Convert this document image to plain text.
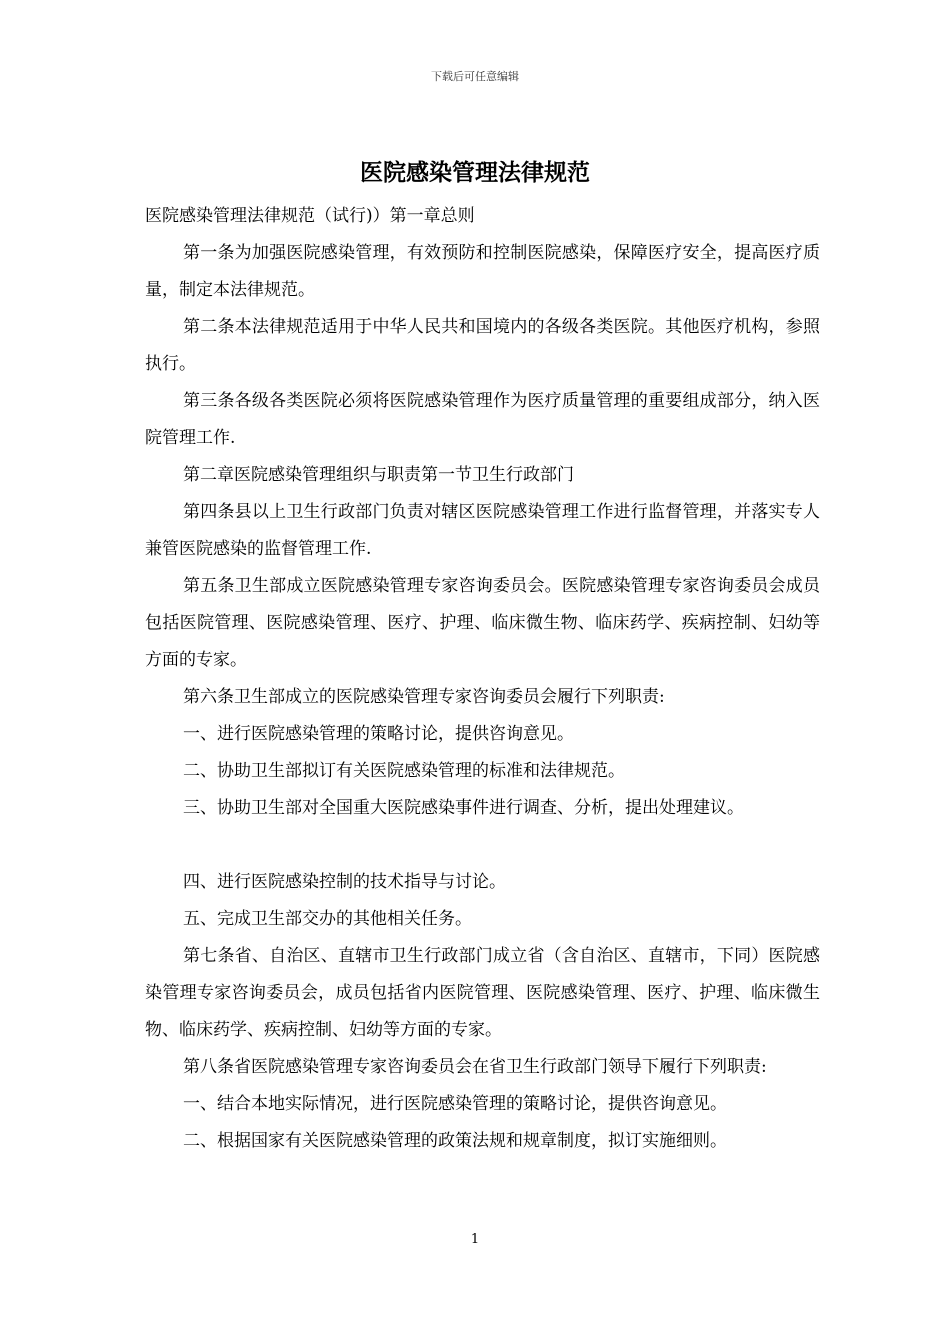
下载后可任意编辑
医院感染管理法律规范

医院感染管理法律规范（试行)）第一章总则

第一条为加强医院感染管理，有效预防和控制医院感染，保障医疗安全，提高医疗质量，制定本法律规范。

第二条本法律规范适用于中华人民共和国境内的各级各类医院。其他医疗机构，参照执行。

第三条各级各类医院必须将医院感染管理作为医疗质量管理的重要组成部分，纳入医院管理工作.

第二章医院感染管理组织与职责第一节卫生行政部门

第四条县以上卫生行政部门负责对辖区医院感染管理工作进行监督管理，并落实专人兼管医院感染的监督管理工作.

第五条卫生部成立医院感染管理专家咨询委员会。医院感染管理专家咨询委员会成员包括医院管理、医院感染管理、医疗、护理、临床微生物、临床药学、疾病控制、妇幼等方面的专家。

第六条卫生部成立的医院感染管理专家咨询委员会履行下列职责:

一、进行医院感染管理的策略讨论，提供咨询意见。

二、协助卫生部拟订有关医院感染管理的标准和法律规范。

三、协助卫生部对全国重大医院感染事件进行调查、分析，提出处理建议。

四、进行医院感染控制的技术指导与讨论。

五、完成卫生部交办的其他相关任务。

第七条省、自治区、直辖市卫生行政部门成立省（含自治区、直辖市，下同）医院感染管理专家咨询委员会，成员包括省内医院管理、医院感染管理、医疗、护理、临床微生物、临床药学、疾病控制、妇幼等方面的专家。

第八条省医院感染管理专家咨询委员会在省卫生行政部门领导下履行下列职责:

一、结合本地实际情况，进行医院感染管理的策略讨论，提供咨询意见。

二、根据国家有关医院感染管理的政策法规和规章制度，拟订实施细则。

1
